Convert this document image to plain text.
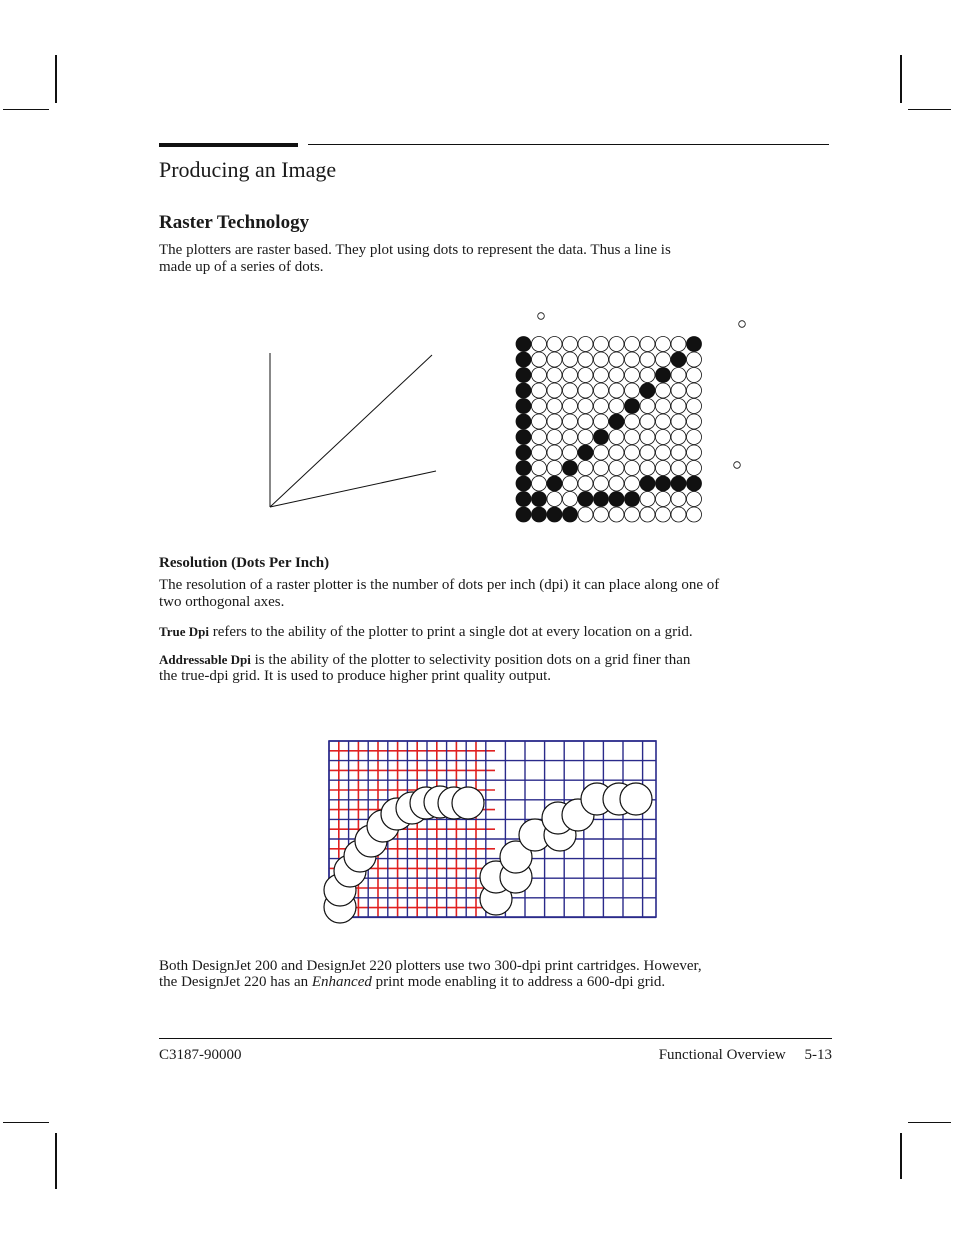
Producing an Image
Raster Technology
The plotters are raster based. They plot using dots to represent the data. Thus a line is
made up of a series of dots.
Resolution (Dots Per Inch)
The resolution of a raster plotter is the number of dots per inch (dpi) it can place along one of
two orthogonal axes.
True Dpi refers to the ability of the plotter to print a single dot at every location on a grid.
Addressable Dpi is the ability of the plotter to selectivity position dots on a grid finer than
the true-dpi grid. It is used to produce higher print quality output.
Both DesignJet 200 and DesignJet 220 plotters use two 300-dpi print cartridges. However,
the DesignJet 220 has an Enhanced print mode enabling it to address a 600-dpi grid.
C3187-90000	Functional Overview 5-13
